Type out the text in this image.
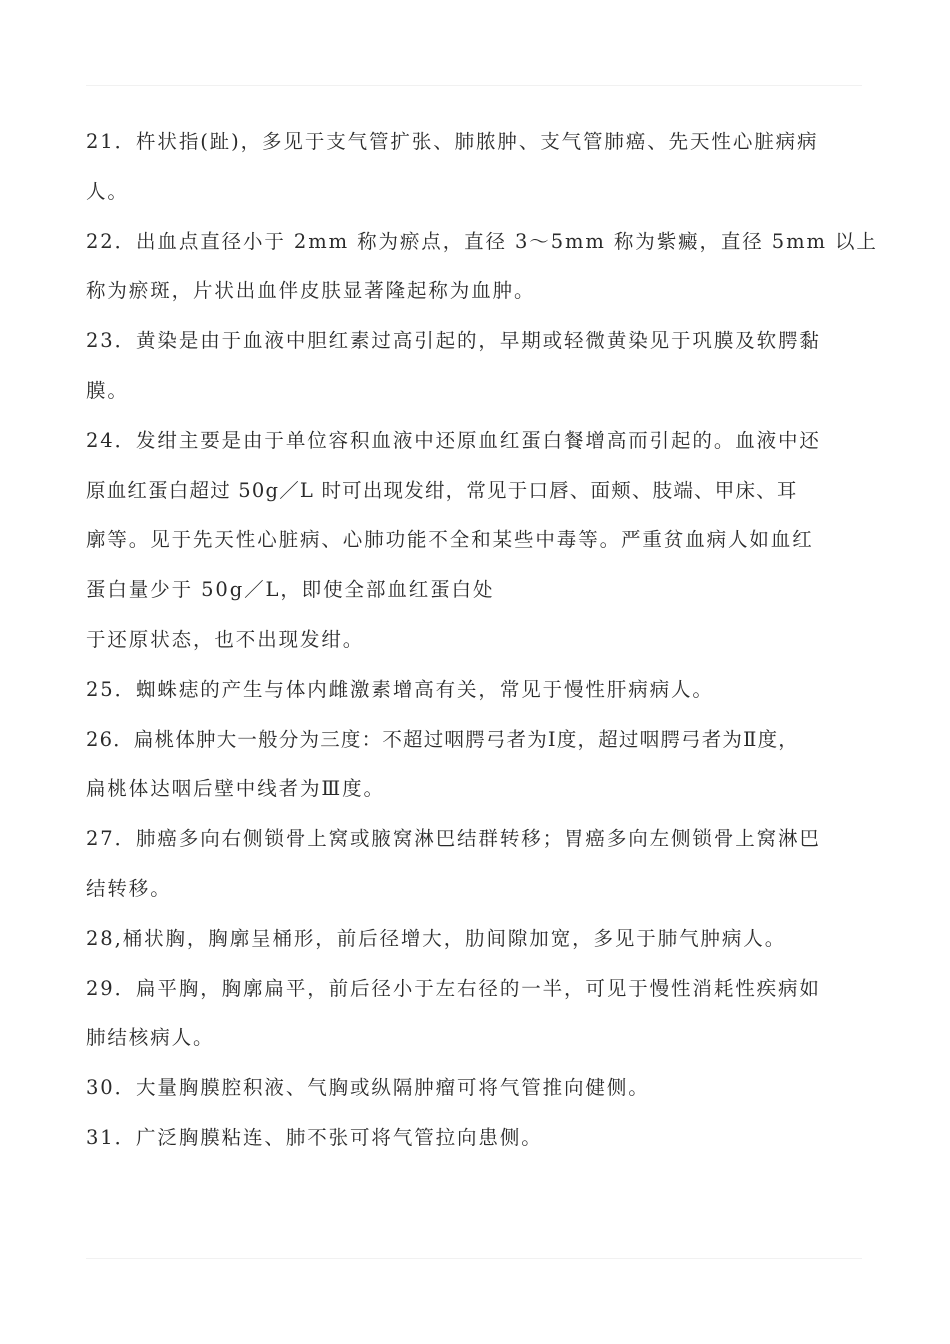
21．杵状指(趾)，多见于支气管扩张、肺脓肿、支气管肺癌、先天性心脏病病
人。
22．出血点直径小于 2mm 称为瘀点，直径 3～5mm 称为紫癜，直径 5mm 以上
称为瘀斑，片状出血伴皮肤显著隆起称为血肿。
23．黄染是由于血液中胆红素过高引起的，早期或轻微黄染见于巩膜及软腭黏
膜。
24．发绀主要是由于单位容积血液中还原血红蛋白餐增高而引起的。血液中还
原血红蛋白超过 50g／L 时可出现发绀，常见于口唇、面颊、肢端、甲床、耳
廓等。见于先天性心脏病、心肺功能不全和某些中毒等。严重贫血病人如血红
蛋白量少于 50g／L，即使全部血红蛋白处
于还原状态，也不出现发绀。
25．蜘蛛痣的产生与体内雌激素增高有关，常见于慢性肝病病人。
26．扁桃体肿大一般分为三度：不超过咽腭弓者为Ⅰ度，超过咽腭弓者为Ⅱ度，
扁桃体达咽后壁中线者为Ⅲ度。
27．肺癌多向右侧锁骨上窝或腋窝淋巴结群转移；胃癌多向左侧锁骨上窝淋巴
结转移。
28,桶状胸，胸廓呈桶形，前后径增大，肋间隙加宽，多见于肺气肿病人。
29．扁平胸，胸廓扁平，前后径小于左右径的一半，可见于慢性消耗性疾病如
肺结核病人。
30．大量胸膜腔积液、气胸或纵隔肿瘤可将气管推向健侧。
31．广泛胸膜粘连、肺不张可将气管拉向患侧。
